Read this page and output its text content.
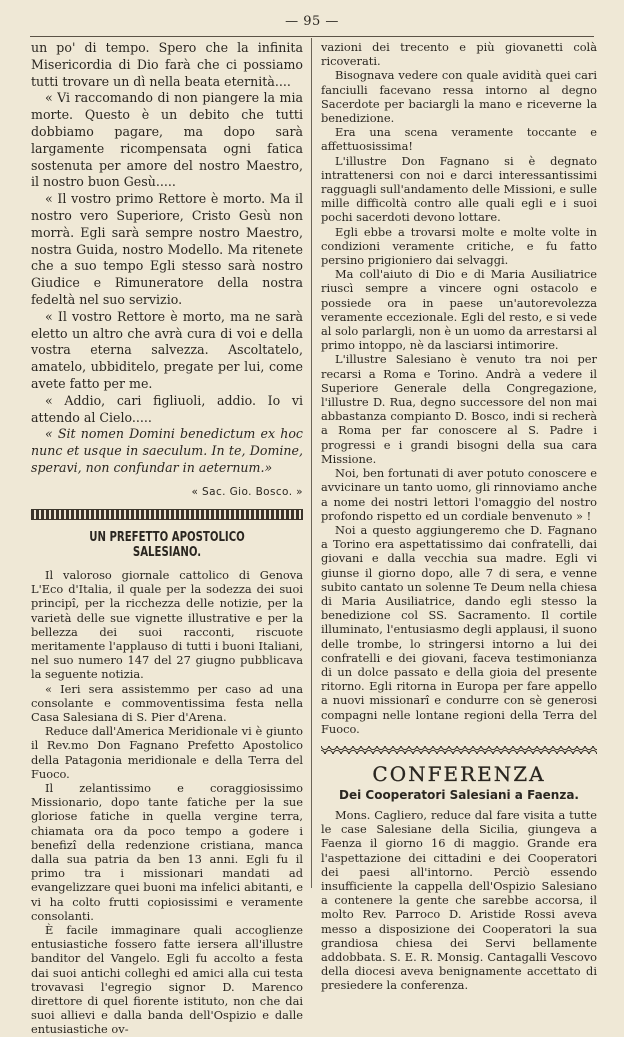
— 95 —

un po' di tempo. Spero che la infinita Misericordia di Dio farà che ci possiamo tutti trovare un dì nella beata eternità....

« Vi raccomando di non piangere la mia morte. Questo è un debito che tutti dobbiamo pagare, ma dopo sarà largamente ricompensata ogni fatica sostenuta per amore del nostro Maestro, il nostro buon Gesù.....

« Il vostro primo Rettore è morto. Ma il nostro vero Superiore, Cristo Gesù non morrà. Egli sarà sempre nostro Maestro, nostra Guida, nostro Modello. Ma ritenete che a suo tempo Egli stesso sarà nostro Giudice e Rimuneratore della nostra fedeltà nel suo servizio.

« Il vostro Rettore è morto, ma ne sarà eletto un altro che avrà cura di voi e della vostra eterna salvezza. Ascoltatelo, amatelo, ubbiditelo, pregate per lui, come avete fatto per me.

« Addio, cari figliuoli, addio. Io vi attendo al Cielo.....

« Sit nomen Domini benedictum ex hoc nunc et usque in saeculum. In te, Domine, speravi, non confundar in aeternum.»

« Sac. Gio. Bosco. »
UN PREFETTO APOSTOLICO SALESIANO.

Il valoroso giornale cattolico di Genova L'Eco d'Italia, il quale per la sodezza dei suoi principî, per la ricchezza delle notizie, per la varietà delle sue vignette illustrative e per la bellezza dei suoi racconti, riscuote meritamente l'applauso di tutti i buoni Italiani, nel suo numero 147 del 27 giugno pubblicava la seguente notizia.

« Ieri sera assistemmo per caso ad una consolante e commoventissima festa nella Casa Salesiana di S. Pier d'Arena.

Reduce dall'America Meridionale vi è giunto il Rev.mo Don Fagnano Prefetto Apostolico della Patagonia meridionale e della Terra del Fuoco.

Il zelantissimo e coraggiosissimo Missionario, dopo tante fatiche per la sue gloriose fatiche in quella vergine terra, chiamata ora da poco tempo a godere i benefizî della redenzione cristiana, manca dalla sua patria da ben 13 anni. Egli fu il primo tra i missionari mandati ad evangelizzare quei buoni ma infelici abitanti, e vi ha colto frutti copiosissimi e veramente consolanti.

È facile immaginare quali accoglienze entusiastiche fossero fatte iersera all'illustre banditor del Vangelo. Egli fu accolto a festa dai suoi antichi colleghi ed amici alla cui testa trovavasi l'egregio signor D. Marenco direttore di quel fiorente istituto, non che dai suoi allievi e dalla banda dell'Ospizio e dalle entusiastiche ov-

vazioni dei trecento e più giovanetti colà ricoverati.

Bisognava vedere con quale avidità quei cari fanciulli facevano ressa intorno al degno Sacerdote per baciargli la mano e riceverne la benedizione.

Era una scena veramente toccante e affettuosissima!

L'illustre Don Fagnano si è degnato intrattenersi con noi e darci interessantissimi ragguagli sull'andamento delle Missioni, e sulle mille difficoltà contro alle quali egli e i suoi pochi sacerdoti devono lottare.

Egli ebbe a trovarsi molte e molte volte in condizioni veramente critiche, e fu fatto persino prigioniero dai selvaggi.

Ma coll'aiuto di Dio e di Maria Ausiliatrice riuscì sempre a vincere ogni ostacolo e possiede ora in paese un'autorevolezza veramente eccezionale. Egli del resto, e si vede al solo parlargli, non è un uomo da arrestarsi al primo intoppo, nè da lasciarsi intimorire.

L'illustre Salesiano è venuto tra noi per recarsi a Roma e Torino. Andrà a vedere il Superiore Generale della Congregazione, l'illustre D. Rua, degno successore del non mai abbastanza compianto D. Bosco, indi si recherà a Roma per far conoscere al S. Padre i progressi e i grandi bisogni della sua cara Missione.

Noi, ben fortunati di aver potuto conoscere e avvicinare un tanto uomo, gli rinnoviamo anche a nome dei nostri lettori l'omaggio del nostro profondo rispetto ed un cordiale benvenuto » !

Noi a questo aggiungeremo che D. Fagnano a Torino era aspettatissimo dai confratelli, dai giovani e dalla vecchia sua madre. Egli vi giunse il giorno dopo, alle 7 di sera, e venne subito cantato un solenne Te Deum nella chiesa di Maria Ausiliatrice, dando egli stesso la benedizione col SS. Sacramento. Il cortile illuminato, l'entusiasmo degli applausi, il suono delle trombe, lo stringersi intorno a lui dei confratelli e dei giovani, faceva testimonianza di un dolce passato e della gioia del presente ritorno. Egli ritorna in Europa per fare appello a nuovi missionarî e condurre con sè generosi compagni nelle lontane regioni della Terra del Fuoco.

CONFERENZA
Dei Cooperatori Salesiani a Faenza.

Mons. Cagliero, reduce dal fare visita a tutte le case Salesiane della Sicilia, giungeva a Faenza il giorno 16 di maggio. Grande era l'aspettazione dei cittadini e dei Cooperatori dei paesi all'intorno. Perciò essendo insufficiente la cappella dell'Ospizio Salesiano a contenere la gente che sarebbe accorsa, il molto Rev. Parroco D. Aristide Rossi aveva messo a disposizione dei Cooperatori la sua grandiosa chiesa dei Servi bellamente addobbata. S. E. R. Monsig. Cantagalli Vescovo della diocesi aveva benignamente accettato di presiedere la conferenza.
